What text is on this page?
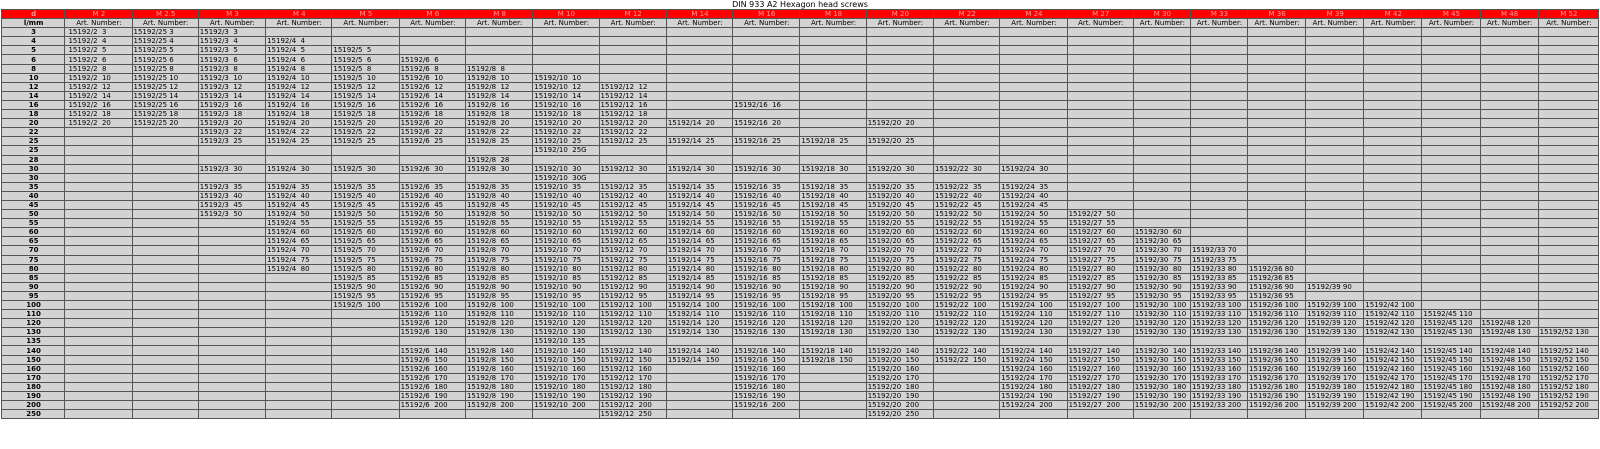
DIN 933 A2 Hexagon head screws
d	M 2	M 2.5	M 3	M 4	M 5	M 6	M 8	M 10	M 12	M 14	M 16	M 18	M 20	M 22	M 24	M 27	M 30	M 33	M 36	M 39	M 42	M 45	M 48	M 52
l/mm	Art. Number:	Art. Number:	Art. Number:	Art. Number:	Art. Number:	Art. Number:	Art. Number:	Art. Number:	Art. Number:	Art. Number:	Art. Number:	Art. Number:	Art. Number:	Art. Number:	Art. Number:	Art. Number:	Art. Number:	Art. Number:	Art. Number:	Art. Number:	Art. Number:	Art. Number:	Art. Number:	Art. Number:
3	15192/2  3	15192/25 3	15192/3  3																					
4	15192/2  4	15192/25 4	15192/3  4	15192/4  4																				
5	15192/2  5	15192/25 5	15192/3  5	15192/4  5	15192/5  5																			
6	15192/2  6	15192/25 6	15192/3  6	15192/4  6	15192/5  6	15192/6  6																		
8	15192/2  8	15192/25 8	15192/3  8	15192/4  8	15192/5  8	15192/6  8	15192/8  8																	
10	15192/2  10	15192/25 10	15192/3  10	15192/4  10	15192/5  10	15192/6  10	15192/8  10	15192/10  10																
12	15192/2  12	15192/25 12	15192/3  12	15192/4  12	15192/5  12	15192/6  12	15192/8  12	15192/10  12	15192/12  12															
14	15192/2  14	15192/25 14	15192/3  14	15192/4  14	15192/5  14	15192/6  14	15192/8  14	15192/10  14	15192/12  14															
16	15192/2  16	15192/25 16	15192/3  16	15192/4  16	15192/5  16	15192/6  16	15192/8  16	15192/10  16	15192/12  16		15192/16  16													
18	15192/2  18	15192/25 18	15192/3  18	15192/4  18	15192/5  18	15192/6  18	15192/8  18	15192/10  18	15192/12  18															
20	15192/2  20	15192/25 20	15192/3  20	15192/4  20	15192/5  20	15192/6  20	15192/8  20	15192/10  20	15192/12  20	15192/14  20	15192/16  20		15192/20  20											
22			15192/3  22	15192/4  22	15192/5  22	15192/6  22	15192/8  22	15192/10  22	15192/12  22															
25			15192/3  25	15192/4  25	15192/5  25	15192/6  25	15192/8  25	15192/10  25	15192/12  25	15192/14  25	15192/16  25	15192/18  25	15192/20  25											
25								15192/10  25G																
28							15192/8  28																	
30			15192/3  30	15192/4  30	15192/5  30	15192/6  30	15192/8  30	15192/10  30	15192/12  30	15192/14  30	15192/16  30	15192/18  30	15192/20  30	15192/22  30	15192/24  30									
30								15192/10  30G																
35			15192/3  35	15192/4  35	15192/5  35	15192/6  35	15192/8  35	15192/10  35	15192/12  35	15192/14  35	15192/16  35	15192/18  35	15192/20  35	15192/22  35	15192/24  35									
40			15192/3  40	15192/4  40	15192/5  40	15192/6  40	15192/8  40	15192/10  40	15192/12  40	15192/14  40	15192/16  40	15192/18  40	15192/20  40	15192/22  40	15192/24  40									
45			15192/3  45	15192/4  45	15192/5  45	15192/6  45	15192/8  45	15192/10  45	15192/12  45	15192/14  45	15192/16  45	15192/18  45	15192/20  45	15192/22  45	15192/24  45									
50			15192/3  50	15192/4  50	15192/5  50	15192/6  50	15192/8  50	15192/10  50	15192/12  50	15192/14  50	15192/16  50	15192/18  50	15192/20  50	15192/22  50	15192/24  50	15192/27  50								
55				15192/4  55	15192/5  55	15192/6  55	15192/8  55	15192/10  55	15192/12  55	15192/14  55	15192/16  55	15192/18  55	15192/20  55	15192/22  55	15192/24  55	15192/27  55								
60				15192/4  60	15192/5  60	15192/6  60	15192/8  60	15192/10  60	15192/12  60	15192/14  60	15192/16  60	15192/18  60	15192/20  60	15192/22  60	15192/24  60	15192/27  60	15192/30  60							
65				15192/4  65	15192/5  65	15192/6  65	15192/8  65	15192/10  65	15192/12  65	15192/14  65	15192/16  65	15192/18  65	15192/20  65	15192/22  65	15192/24  65	15192/27  65	15192/30  65							
70				15192/4  70	15192/5  70	15192/6  70	15192/8  70	15192/10  70	15192/12  70	15192/14  70	15192/16  70	15192/18  70	15192/20  70	15192/22  70	15192/24  70	15192/27  70	15192/30  70	15192/33 70						
75				15192/4  75	15192/5  75	15192/6  75	15192/8  75	15192/10  75	15192/12  75	15192/14  75	15192/16  75	15192/18  75	15192/20  75	15192/22  75	15192/24  75	15192/27  75	15192/30  75	15192/33 75						
80				15192/4  80	15192/5  80	15192/6  80	15192/8  80	15192/10  80	15192/12  80	15192/14  80	15192/16  80	15192/18  80	15192/20  80	15192/22  80	15192/24  80	15192/27  80	15192/30  80	15192/33 80	15192/36 80					
85					15192/5  85	15192/6  85	15192/8  85	15192/10  85	15192/12  85	15192/14  85	15192/16  85	15192/18  85	15192/20  85	15192/22  85	15192/24  85	15192/27  85	15192/30  85	15192/33 85	15192/36 85					
90					15192/5  90	15192/6  90	15192/8  90	15192/10  90	15192/12  90	15192/14  90	15192/16  90	15192/18  90	15192/20  90	15192/22  90	15192/24  90	15192/27  90	15192/30  90	15192/33 90	15192/36 90	15192/39 90				
95					15192/5  95	15192/6  95	15192/8  95	15192/10  95	15192/12  95	15192/14  95	15192/16  95	15192/18  95	15192/20  95	15192/22  95	15192/24  95	15192/27  95	15192/30  95	15192/33 95	15192/36 95					
100					15192/5  100	15192/6  100	15192/8  100	15192/10  100	15192/12  100	15192/14  100	15192/16  100	15192/18  100	15192/20  100	15192/22  100	15192/24  100	15192/27  100	15192/30  100	15192/33 100	15192/36 100	15192/39 100	15192/42 100			
110						15192/6  110	15192/8  110	15192/10  110	15192/12  110	15192/14  110	15192/16  110	15192/18  110	15192/20  110	15192/22  110	15192/24  110	15192/27  110	15192/30  110	15192/33 110	15192/36 110	15192/39 110	15192/42 110	15192/45 110		
120						15192/6  120	15192/8  120	15192/10  120	15192/12  120	15192/14  120	15192/16  120	15192/18  120	15192/20  120	15192/22  120	15192/24  120	15192/27  120	15192/30  120	15192/33 120	15192/36 120	15192/39 120	15192/42 120	15192/45 120	15192/48 120	
130						15192/6  130	15192/8  130	15192/10  130	15192/12  130	15192/14  130	15192/16  130	15192/18  130	15192/20  130	15192/22  130	15192/24  130	15192/27  130	15192/30  130	15192/33 130	15192/36 130	15192/39 130	15192/42 130	15192/45 130	15192/48 130	15192/52 130
135								15192/10  135																
140						15192/6  140	15192/8  140	15192/10  140	15192/12  140	15192/14  140	15192/16  140	15192/18  140	15192/20  140	15192/22  140	15192/24  140	15192/27  140	15192/30  140	15192/33 140	15192/36 140	15192/39 140	15192/42 140	15192/45 140	15192/48 140	15192/52 140
150						15192/6  150	15192/8  150	15192/10  150	15192/12  150	15192/14  150	15192/16  150	15192/18  150	15192/20  150	15192/22  150	15192/24  150	15192/27  150	15192/30  150	15192/33 150	15192/36 150	15192/39 150	15192/42 150	15192/45 150	15192/48 150	15192/52 150
160						15192/6  160	15192/8  160	15192/10  160	15192/12  160		15192/16  160		15192/20  160		15192/24  160	15192/27  160	15192/30  160	15192/33 160	15192/36 160	15192/39 160	15192/42 160	15192/45 160	15192/48 160	15192/52 160
170						15192/6  170	15192/8  170	15192/10  170	15192/12  170		15192/16  170		15192/20  170		15192/24  170	15192/27  170	15192/30  170	15192/33 170	15192/36 170	15192/39 170	15192/42 170	15192/45 170	15192/48 170	15192/52 170
180						15192/6  180	15192/8  180	15192/10  180	15192/12  180		15192/16  180		15192/20  180		15192/24  180	15192/27  180	15192/30  180	15192/33 180	15192/36 180	15192/39 180	15192/42 180	15192/45 180	15192/48 180	15192/52 180
190						15192/6  190	15192/8  190	15192/10  190	15192/12  190		15192/16  190		15192/20  190		15192/24  190	15192/27  190	15192/30  190	15192/33 190	15192/36 190	15192/39 190	15192/42 190	15192/45 190	15192/48 190	15192/52 190
200						15192/6  200	15192/8  200	15192/10  200	15192/12  200		15192/16  200		15192/20  200		15192/24  200	15192/27  200	15192/30  200	15192/33 200	15192/36 200	15192/39 200	15192/42 200	15192/45 200	15192/48 200	15192/52 200
250									15192/12  250				15192/20  250											
